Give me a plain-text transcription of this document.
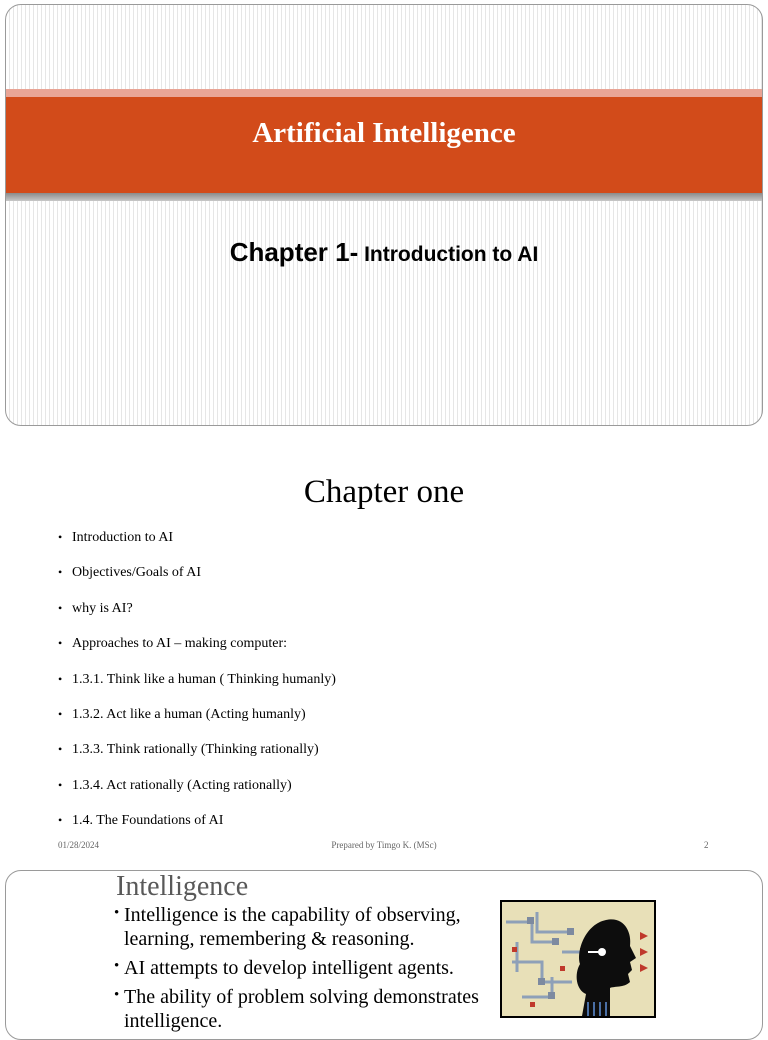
Artificial Intelligence
Chapter 1- Introduction to AI
Chapter one
• Introduction to AI
• Objectives/Goals of AI
• why is AI?
• Approaches to AI – making computer:
• 1.3.1. Think like a human ( Thinking humanly)
• 1.3.2. Act like a human (Acting humanly)
• 1.3.3. Think rationally (Thinking rationally)
• 1.3.4. Act rationally (Acting rationally)
• 1.4. The Foundations of AI
01/28/2024	Prepared by Timgo K. (MSc)	2
Intelligence
• Intelligence is the capability of observing, learning, remembering & reasoning.
• AI attempts to develop intelligent agents.
• The ability of problem solving demonstrates intelligence.
